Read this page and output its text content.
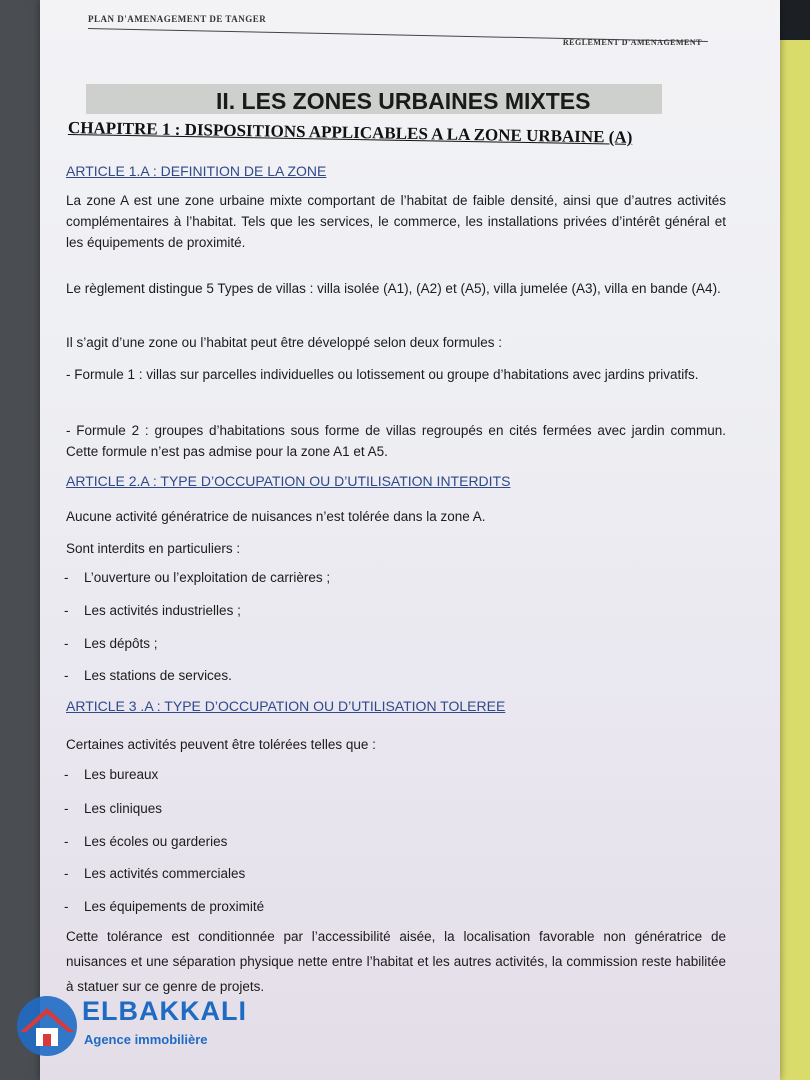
PLAN D'AMENAGEMENT DE TANGER
REGLEMENT D'AMENAGEMENT
II. LES ZONES URBAINES MIXTES
CHAPITRE 1 : DISPOSITIONS APPLICABLES A LA ZONE URBAINE (A)
ARTICLE 1.A : DEFINITION DE LA ZONE
La zone A est une zone urbaine mixte comportant de l’habitat de faible densité, ainsi que d’autres activités complémentaires à l’habitat. Tels que les services, le commerce, les installations privées d’intérêt général et les équipements de proximité.
Le règlement distingue 5 Types de villas : villa isolée (A1), (A2) et (A5), villa jumelée (A3), villa en bande (A4).
Il s’agit d’une zone ou l’habitat peut être développé selon deux formules :
- Formule 1 : villas sur parcelles individuelles ou lotissement ou groupe d’habitations avec jardins privatifs.
- Formule 2 : groupes d’habitations sous forme de villas regroupés en cités fermées avec jardin commun. Cette formule n’est pas admise pour la zone A1 et A5.
ARTICLE 2.A : TYPE D’OCCUPATION OU D’UTILISATION INTERDITS
Aucune activité génératrice de nuisances n’est tolérée dans la zone A.
Sont interdits en particuliers :
- L’ouverture ou l’exploitation de carrières ;
- Les activités industrielles ;
- Les dépôts ;
- Les stations de services.
ARTICLE 3 .A : TYPE D’OCCUPATION OU D’UTILISATION TOLEREE
Certaines activités peuvent être tolérées telles que :
- Les bureaux
- Les cliniques
- Les écoles ou garderies
- Les activités commerciales
- Les équipements de proximité
Cette tolérance est conditionnée par l’accessibilité aisée, la localisation favorable non génératrice de nuisances et une séparation physique nette entre l’habitat et les autres activités, la commission reste habilitée à statuer sur ce genre de projets.
ELBAKKALI
Agence immobilière
